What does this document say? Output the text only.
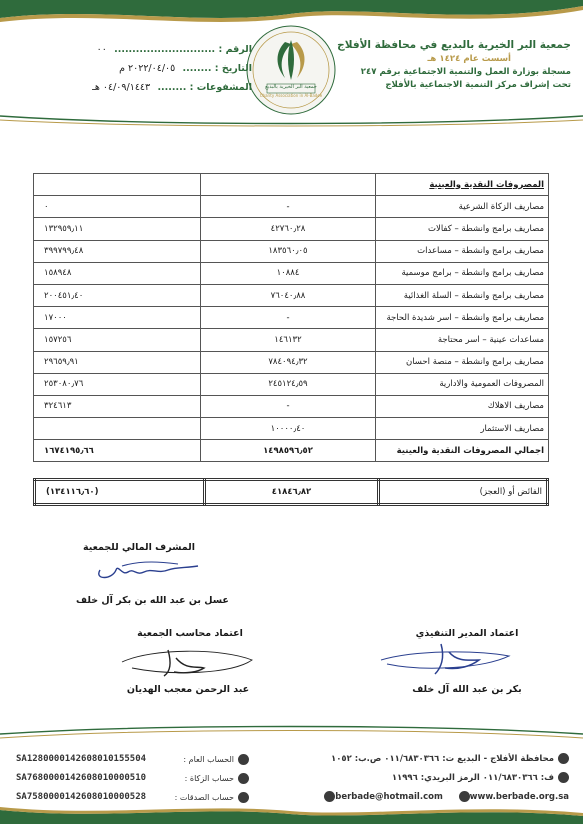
جمعية البر الخيرية بالبديع
Charity Association in Al-Badee
جمعية البر الخيرية بالبديع في محافظة الأفلاج
أسست عام ١٤٢٤ هـ
مسجلة بوزارة العمل والتنمية الاجتماعية برقم ٢٤٧
تحت إشراف مركز التنمية الاجتماعية بالأفلاج
الرقم : ............................ ٠٠
التاريخ : ........ ٢٠٢٢/٠٤/٠٥ م
المشفوعات : ........ ٠٤/٠٩/١٤٤٣ هـ
المصروفات النقدية والعينية		
مصاريف الزكاة الشرعية	-	٠
مصاريف برامج وانشطة – كفالات	٤٢٧٦٠٫٢٨	١٣٢٩٥٩٫١١
مصاريف برامج وانشطة – مساعدات	١٨٣٥٦٠٫٠٥	٣٩٩٧٩٩٫٤٨
مصاريف برامج وانشطة – برامج موسمية	١٠٨٨٤	١٥٨٩٤٨
مصاريف برامج وانشطة – السلة الغذائية	٧٦٠٤٠٫٨٨	٢٠٠٤٥١٫٤٠
مصاريف برامج وانشطة – اسر شديدة الحاجة	-	١٧٠٠٠
مساعدات عينية – اسر محتاجة	١٤٦١٣٢	١٥٧٢٥٦
مصاريف برامج وانشطة – منصة احسان	٧٨٤٠٩٤٫٣٢	٢٩٦٥٩٫٩١
المصروفات العمومية والادارية	٢٤٥١٢٤٫٥٩	٢٥٣٠٨٠٫٧٦
مصاريف الاهلاك	-	٣٢٤٦١٣
مصاريف الاستثمار	١٠٠٠٠٫٤٠	
اجمالي المصروفات النقدية والعينية	١٤٩٨٥٩٦٫٥٢	١٦٧٤١٩٥٫٦٦
الفائض أو (العجز)	٤١٨٤٦٫٨٢	(١٣٤١١٦٫٦٠)
المشرف المالي للجمعية
عسل بن عبد الله بن بكر آل خلف
اعتماد محاسب الجمعية
عبد الرحمن معجب الهديان
اعتماد المدير التنفيذي
بكر بن عبد الله آل خلف
محافظة الأفلاج - البديع ت: ٠١١/٦٨٣٠٣٦٦ ص.ب: ١٠٥٢
ف: ٠١١/٦٨٣٠٣٦٦ الرمز البريدي: ١١٩٩٦
berbade@hotmail.com	www.berbade.org.sa
SA1280000142608010155504	الحساب العام :
SA7680000142608010000510	حساب الزكاة :
SA7580000142608010000528	حساب الصدقات :
